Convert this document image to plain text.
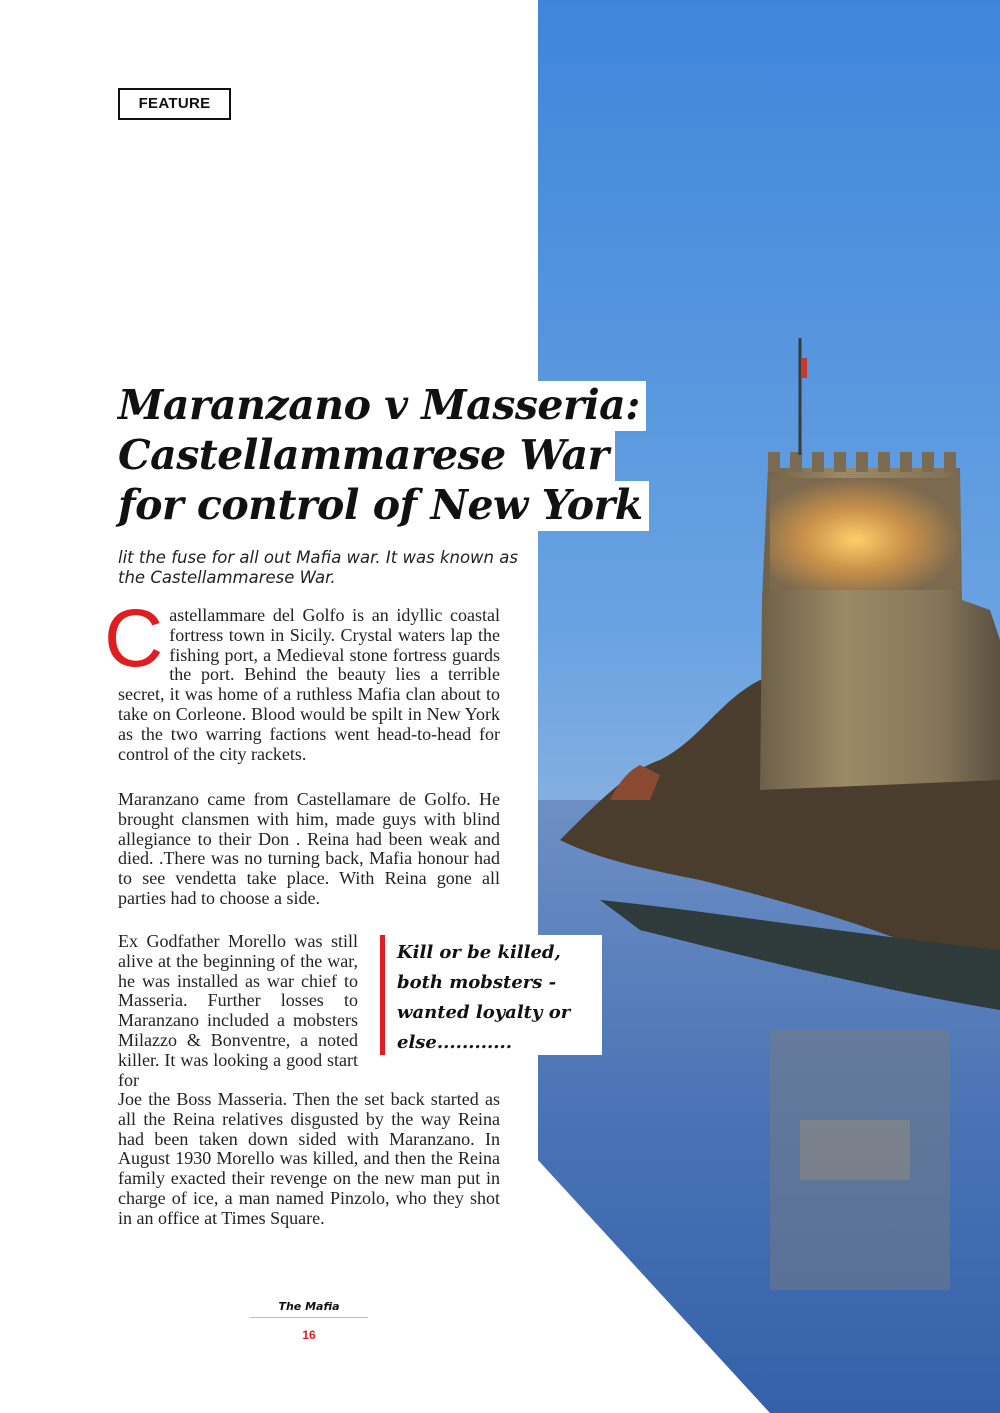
FEATURE
Maranzano v Masseria:
Castellammarese War
for control of New York
lit the fuse for all out Mafia war. It was known as the Castellammarese War.
C astellammare del Golfo is an idyllic coastal fortress town in Sicily. Crystal waters lap the fishing port, a Medieval stone fortress guards the port. Behind the beauty lies a terrible secret, it was home of a ruthless Mafia clan about to take on Corleone. Blood would be spilt in New York as the two warring factions went head-to-head for control of the city rackets.
Maranzano came from Castellamare de Golfo. He brought clansmen with him, made guys with blind allegiance to their Don . Reina had been weak and died. .There was no turning back, Mafia honour had to see vendetta take place. With Reina gone all parties had to choose a side.
Ex Godfather Morello was still alive at the beginning of the war, he was installed as war chief to Masseria. Further losses to Maranzano included a mobsters Milazzo & Bonventre, a noted killer. It was looking a good start for
Joe the Boss Masseria. Then the set back started as all the Reina relatives disgusted by the way Reina had been taken down sided with Maranzano. In August 1930 Morello was killed, and then the Reina family exacted their revenge on the new man put in charge of ice, a man named Pinzolo, who they shot in an office at Times Square.
Kill or be killed,
both mobsters -
wanted loyalty or
else............
The Mafia
16
